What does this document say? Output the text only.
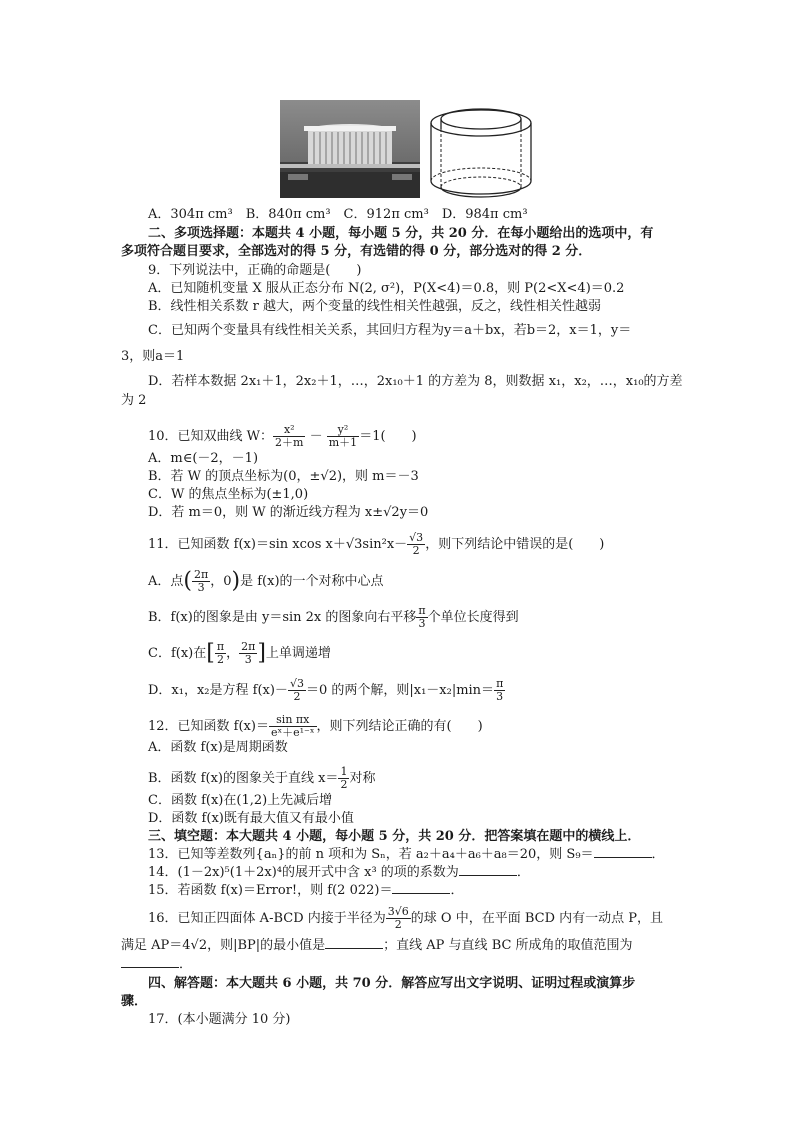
A．304π cm³　B．840π cm³　C．912π cm³　D．984π cm³
二、多项选择题：本题共 4 小题，每小题 5 分，共 20 分．在每小题给出的选项中，有
多项符合题目要求，全部选对的得 5 分，有选错的得 0 分，部分选对的得 2 分．
9．下列说法中，正确的命题是(　　)
A．已知随机变量 X 服从正态分布 N(2, σ²)，P(X<4)＝0.8，则 P(2<X<4)＝0.2
B．线性相关系数 r 越大，两个变量的线性相关性越强，反之，线性相关性越弱
C．已知两个变量具有线性相关关系，其回归方程为y＝a＋bx，若b＝2，x＝1，y＝
3，则a＝1
D．若样本数据 2x₁＋1，2x₂＋1，…，2x₁₀＋1 的方差为 8，则数据 x₁，x₂，…，x₁₀的方差
为 2
10．已知双曲线 W： $\frac{\text{x²}}{2+m} - \frac{\text{y²}}{m+1} =1$(　　)
A．m∈(－2，－1)
B．若 W 的顶点坐标为(0，±√2)，则 m＝－3
C．W 的焦点坐标为(±1,0)
D．若 m＝0，则 W 的渐近线方程为 x±√2y＝0
11．已知函数 f(x)＝sin xcos $x+√3\sin^2x- \frac{√3}{2}$ ，则下列结论中错误的是(　　)
A．点( $\frac{2\pi}{3}$ ，0)是 f(x)的一个对称中心点
B．f(x)的图象是由 y＝sin 2x 的图象向右平移 $\frac{\pi}{3}$ 个单位长度得到
C．f(x)在[ $\frac{\pi}{2}$ ， $\frac{2\pi}{3}$ ]上单调递增
D．x₁，x₂是方程 $f(x)- \frac{√3}{2} =0$ 的两个解，则$|x_1-x_2|\min= \frac{\pi}{3}$
12．已知函数 $f(x)= \frac{\text{sin πx}}{\text{eˣ＋e¹⁻ˣ}}$ ，则下列结论正确的有(　　)
A．函数 f(x)是周期函数
B．函数 f(x)的图象关于直线 $x= \frac{1}{2}$ 对称
C．函数 f(x)在(1,2)上先减后增
D．函数 f(x)既有最大值又有最小值
三、填空题：本大题共 4 小题，每小题 5 分，共 20 分．把答案填在题中的横线上．
13．已知等差数列{aₙ}的前 n 项和为 Sₙ，若 a₂＋a₄＋a₆＋a₈＝20，则 S₉＝	．
14．(1－2x)⁵(1＋2x)⁴的展开式中含 x³ 的项的系数为	．
15．若函数 f(x)＝Error!，则 f(2 022)＝	．
16．已知正四面体 A-BCD 内接于半径为 $\frac{3√6}{2}$ 的球 O 中，在平面 BCD 内有一动点 P，且
满足 AP＝4√2，则|BP|的最小值是	；直线 AP 与直线 BC 所成角的取值范围为
．
四、解答题：本大题共 6 小题，共 70 分．解答应写出文字说明、证明过程或演算步
骤．
17．(本小题满分 10 分)
